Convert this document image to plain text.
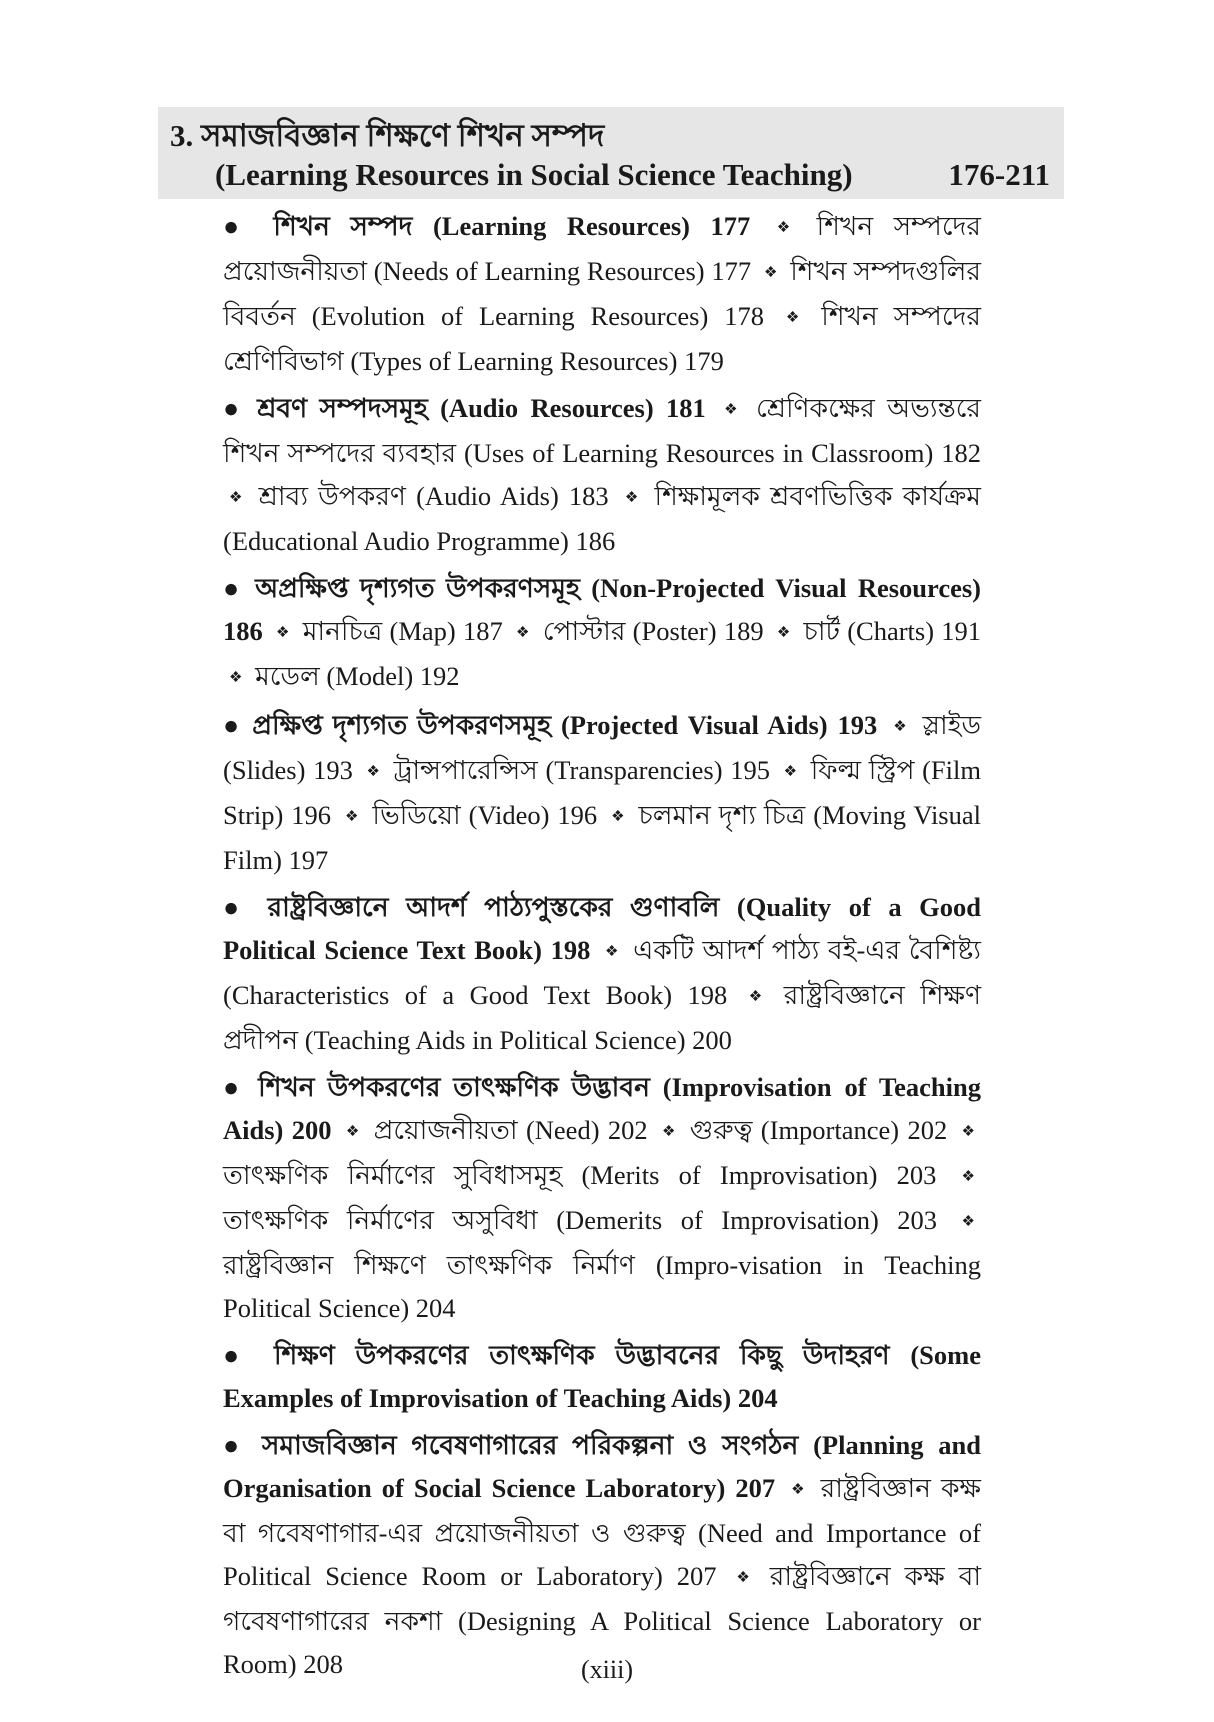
3. সমাজবিজ্ঞান শিক্ষণে শিখন সম্পদ
(Learning Resources in Social Science Teaching)	176-211

● শিখন সম্পদ (Learning Resources) 177 ❖ শিখন সম্পদের প্রয়োজনীয়তা (Needs of Learning Resources) 177 ❖ শিখন সম্পদগুলির বিবর্তন (Evolution of Learning Resources) 178 ❖ শিখন সম্পদের শ্রেণিবিভাগ (Types of Learning Resources) 179

● শ্রবণ সম্পদসমূহ (Audio Resources) 181 ❖ শ্রেণিকক্ষের অভ্যন্তরে শিখন সম্পদের ব্যবহার (Uses of Learning Resources in Classroom) 182 ❖ শ্রাব্য উপকরণ (Audio Aids) 183 ❖ শিক্ষামূলক শ্রবণভিত্তিক কার্যক্রম (Educational Audio Programme) 186

● অপ্রক্ষিপ্ত দৃশ্যগত উপকরণসমূহ (Non-Projected Visual Resources) 186 ❖ মানচিত্র (Map) 187 ❖ পোস্টার (Poster) 189 ❖ চার্ট (Charts) 191 ❖ মডেল (Model) 192

● প্রক্ষিপ্ত দৃশ্যগত উপকরণসমূহ (Projected Visual Aids) 193 ❖ স্লাইড (Slides) 193 ❖ ট্রান্সপারেন্সিস (Transparencies) 195 ❖ ফিল্ম স্ট্রিপ (Film Strip) 196 ❖ ভিডিয়ো (Video) 196 ❖ চলমান দৃশ্য চিত্র (Moving Visual Film) 197

● রাষ্ট্রবিজ্ঞানে আদর্শ পাঠ্যপুস্তকের গুণাবলি (Quality of a Good Political Science Text Book) 198 ❖ একটি আদর্শ পাঠ্য বই-এর বৈশিষ্ট্য (Characteristics of a Good Text Book) 198 ❖ রাষ্ট্রবিজ্ঞানে শিক্ষণ প্রদীপন (Teaching Aids in Political Science) 200

● শিখন উপকরণের তাৎক্ষণিক উদ্ভাবন (Improvisation of Teaching Aids) 200 ❖ প্রয়োজনীয়তা (Need) 202 ❖ গুরুত্ব (Importance) 202 ❖ তাৎক্ষণিক নির্মাণের সুবিধাসমূহ (Merits of Improvisation) 203 ❖ তাৎক্ষণিক নির্মাণের অসুবিধা (Demerits of Improvisation) 203 ❖ রাষ্ট্রবিজ্ঞান শিক্ষণে তাৎক্ষণিক নির্মাণ (Impro-visation in Teaching Political Science) 204

● শিক্ষণ উপকরণের তাৎক্ষণিক উদ্ভাবনের কিছু উদাহরণ (Some Examples of Improvisation of Teaching Aids) 204

● সমাজবিজ্ঞান গবেষণাগারের পরিকল্পনা ও সংগঠন (Planning and Organisation of Social Science Laboratory) 207 ❖ রাষ্ট্রবিজ্ঞান কক্ষ বা গবেষণাগার-এর প্রয়োজনীয়তা ও গুরুত্ব (Need and Importance of Political Science Room or Laboratory) 207 ❖ রাষ্ট্রবিজ্ঞানে কক্ষ বা গবেষণাগারের নকশা (Designing A Political Science Laboratory or Room) 208	(xiii)
